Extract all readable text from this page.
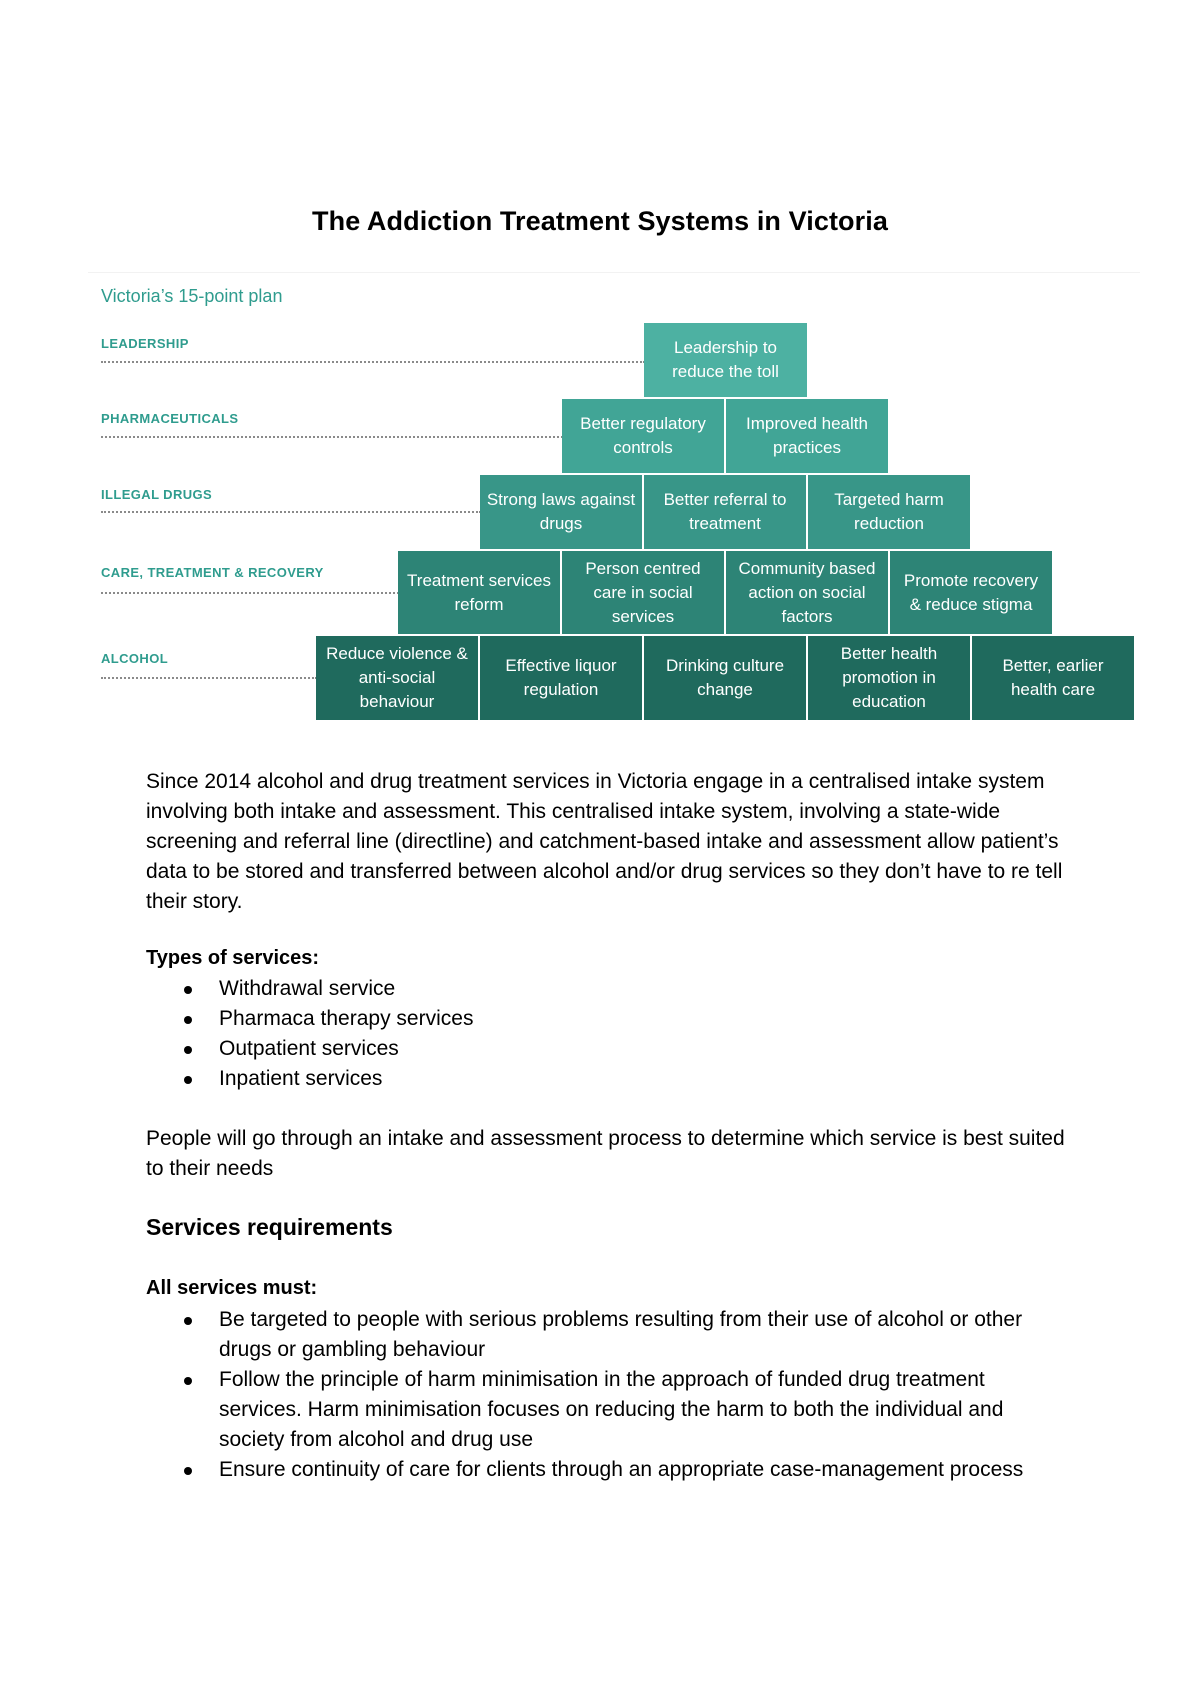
The Addiction Treatment Systems in Victoria
Victoria’s 15-point plan
LEADERSHIP
PHARMACEUTICALS
ILLEGAL DRUGS
CARE, TREATMENT & RECOVERY
ALCOHOL
Leadership to reduce the toll
Better regulatory controls
Improved health practices
Strong laws against drugs
Better referral to treatment
Targeted harm reduction
Treatment services reform
Person centred care in social services
Community based action on social factors
Promote recovery & reduce stigma
Reduce violence & anti-social behaviour
Effective liquor regulation
Drinking culture change
Better health promotion in education
Better, earlier health care
Since 2014 alcohol and drug treatment services in Victoria engage in a centralised intake system involving both intake and assessment. This centralised intake system, involving a state-wide screening and referral line (directline) and catchment-based intake and assessment allow patient’s data to be stored and transferred between alcohol and/or drug services so they don’t have to re tell their story.
Types of services:
Withdrawal service
Pharmaca therapy services
Outpatient services
Inpatient services
People will go through an intake and assessment process to determine which service is best suited to their needs
Services requirements
All services must:
Be targeted to people with serious problems resulting from their use of alcohol or other drugs or gambling behaviour
Follow the principle of harm minimisation in the approach of funded drug treatment services. Harm minimisation focuses on reducing the harm to both the individual and society from alcohol and drug use
Ensure continuity of care for clients through an appropriate case-management process
